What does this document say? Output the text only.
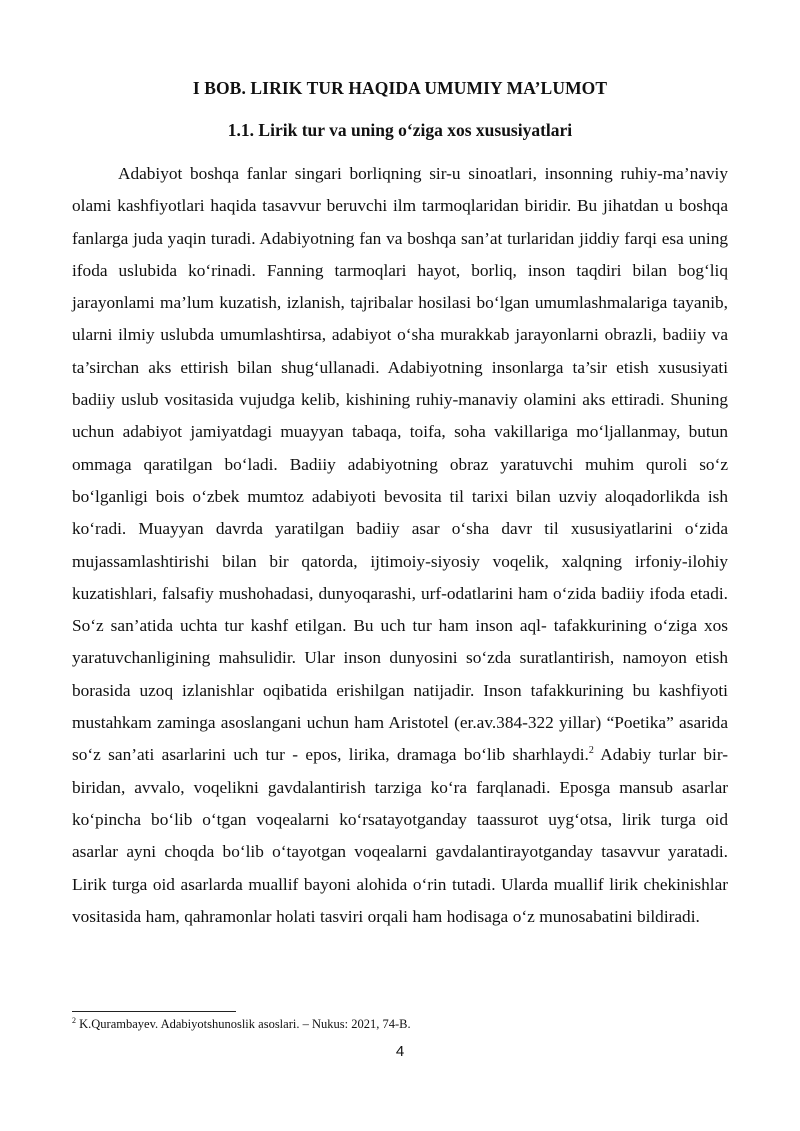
I BOB. LIRIK TUR HAQIDA UMUMIY MA’LUMOT
1.1. Lirik tur va uning o‘ziga xos xususiyatlari

Adabiyot boshqa fanlar singari borliqning sir-u sinoatlari, insonning ruhiy-ma’naviy olami kashfiyotlari haqida tasavvur beruvchi ilm tarmoqlaridan biridir. Bu jihatdan u boshqa fanlarga juda yaqin turadi. Adabiyotning fan va boshqa san’at turlaridan jiddiy farqi esa uning ifoda uslubida ko‘rinadi. Fanning tarmoqlari hayot, borliq, inson taqdiri bilan bog‘liq jarayonlami ma’lum kuzatish, izlanish, tajribalar hosilasi bo‘lgan umumlashmalariga tayanib, ularni ilmiy uslubda umumlashtirsa, adabiyot o‘sha murakkab jarayonlarni obrazli, badiiy va ta’sirchan aks ettirish bilan shug‘ullanadi. Adabiyotning insonlarga ta’sir etish xususiyati badiiy uslub vositasida vujudga kelib, kishining ruhiy-manaviy olamini aks ettiradi. Shuning uchun adabiyot jamiyatdagi muayyan tabaqa, toifa, soha vakillariga mo‘ljallanmay, butun ommaga qaratilgan bo‘ladi. Badiiy adabiyotning obraz yaratuvchi muhim quroli so‘z bo‘lganligi bois o‘zbek mumtoz adabiyoti bevosita til tarixi bilan uzviy aloqadorlikda ish ko‘radi. Muayyan davrda yaratilgan badiiy asar o‘sha davr til xususiyatlarini o‘zida mujassamlashtirishi bilan bir qatorda, ijtimoiy-siyosiy voqelik, xalqning irfoniy-ilohiy kuzatishlari, falsafiy mushohadasi, dunyoqarashi, urf-odatlarini ham o‘zida badiiy ifoda etadi. So‘z san’atida uchta tur kashf etilgan. Bu uch tur ham inson aql- tafakkurining o‘ziga xos yaratuvchanligining mahsulidir. Ular inson dunyosini so‘zda suratlantirish, namoyon etish borasida uzoq izlanishlar oqibatida erishilgan natijadir. Inson tafakkurining bu kashfiyoti mustahkam zaminga asoslangani uchun ham Aristotel (er.av.384-322 yillar) “Poetika” asarida so‘z san’ati asarlarini uch tur - epos, lirika, dramaga bo‘lib sharhlaydi.$^2$ Adabiy turlar bir-biridan, avvalo, voqelikni gavdalantirish tarziga ko‘ra farqlanadi. Eposga mansub asarlar ko‘pincha bo‘lib o‘tgan voqealarni ko‘rsatayotganday taassurot uyg‘otsa, lirik turga oid asarlar ayni choqda bo‘lib o‘tayotgan voqealarni gavdalantirayotganday tasavvur yaratadi. Lirik turga oid asarlarda muallif bayoni alohida o‘rin tutadi. Ularda muallif lirik chekinishlar vositasida ham, qahramonlar holati tasviri orqali ham hodisaga o‘z munosabatini bildiradi.

$^2$ K.Qurambayev. Adabiyotshunoslik asoslari. – Nukus: 2021, 74-B.
4
